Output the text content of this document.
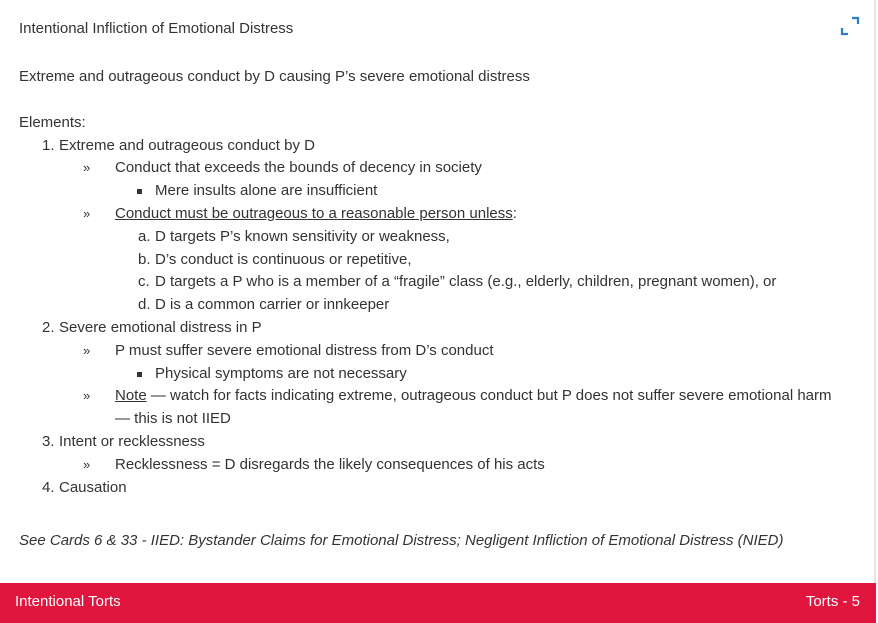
Intentional Infliction of Emotional Distress

Extreme and outrageous conduct by D causing P’s severe emotional distress

Elements:

1. Extreme and outrageous conduct by D
» Conduct that exceeds the bounds of decency in society
Mere insults alone are insufficient
» Conduct must be outrageous to a reasonable person unless:
a. D targets P’s known sensitivity or weakness,
b. D’s conduct is continuous or repetitive,
c. D targets a P who is a member of a “fragile” class (e.g., elderly, children, pregnant women), or
d. D is a common carrier or innkeeper
2. Severe emotional distress in P
» P must suffer severe emotional distress from D’s conduct
Physical symptoms are not necessary
» Note — watch for facts indicating extreme, outrageous conduct but P does not suffer severe emotional harm — this is not IIED
3. Intent or recklessness
» Recklessness = D disregards the likely consequences of his acts
4. Causation
See Cards 6 & 33 - IIED: Bystander Claims for Emotional Distress; Negligent Infliction of Emotional Distress (NIED)
Intentional Torts	Torts - 5
